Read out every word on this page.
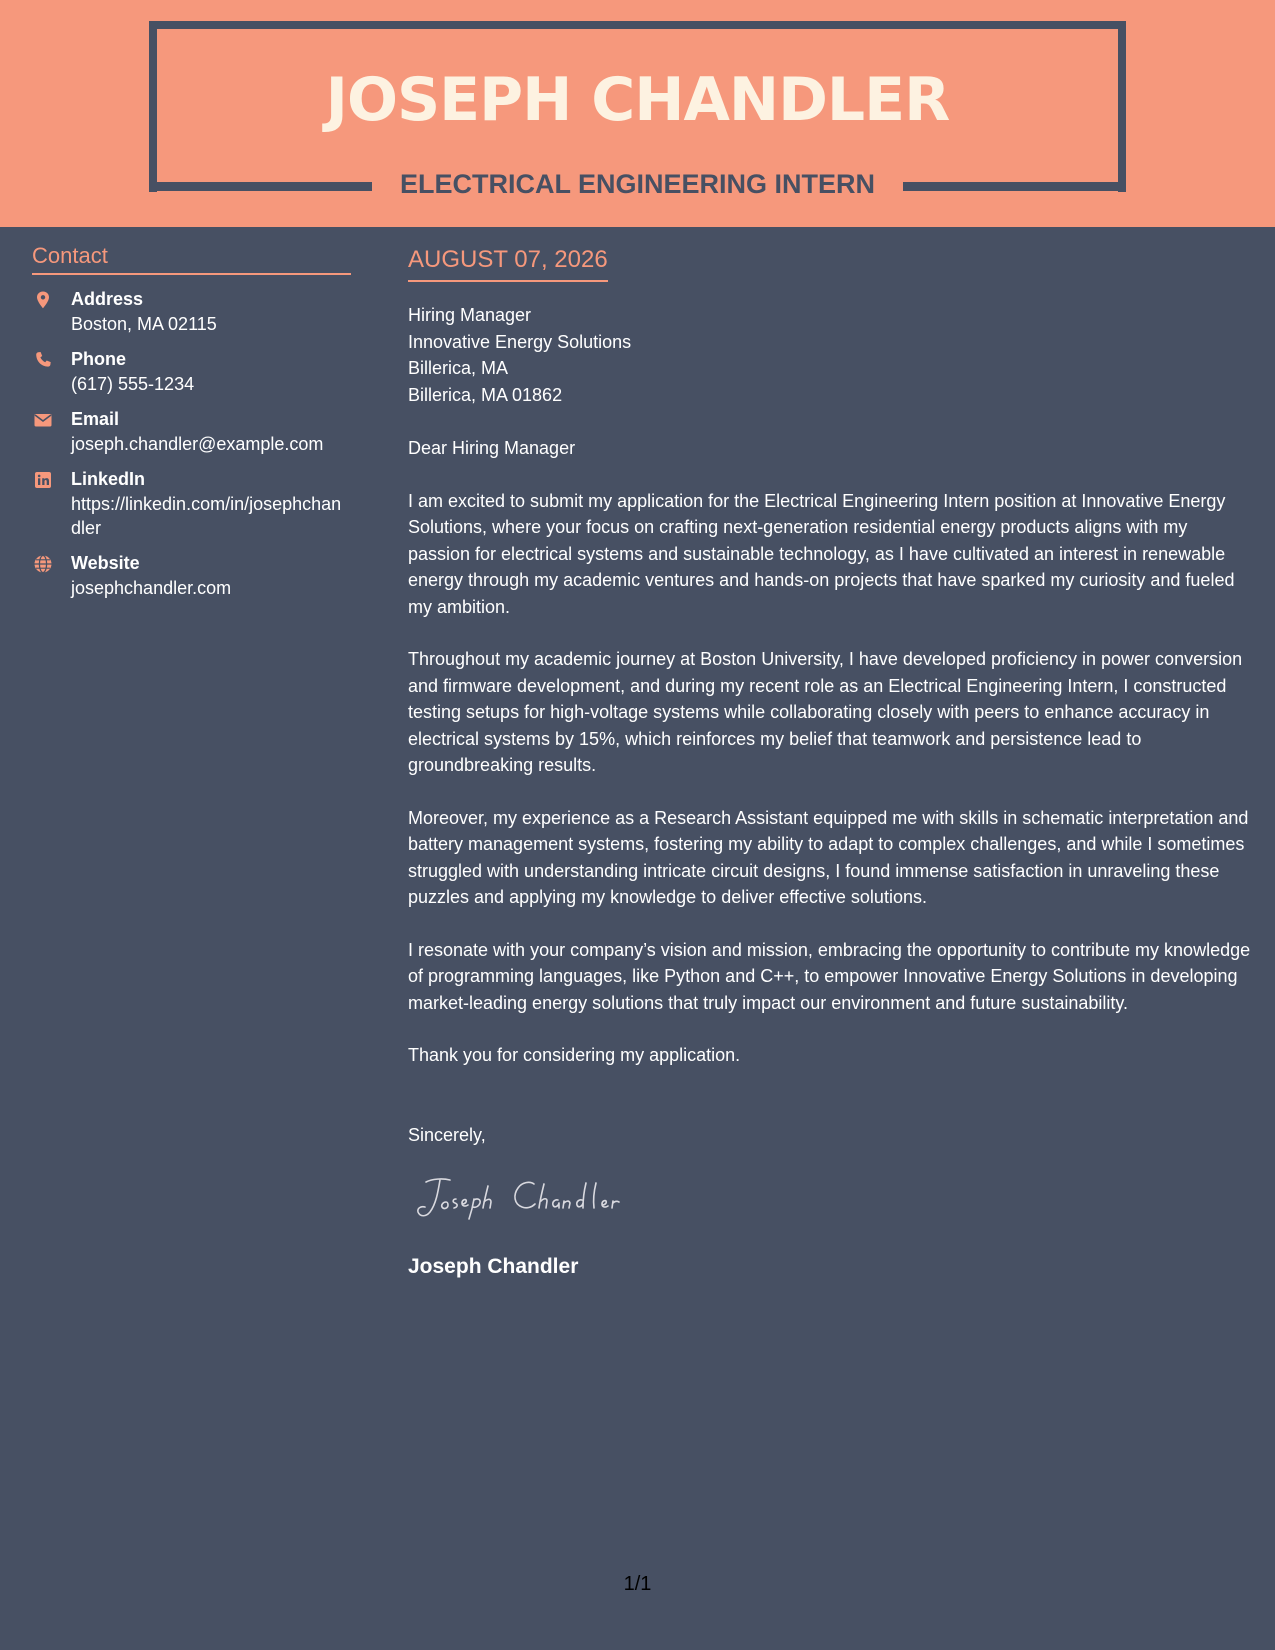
JOSEPH CHANDLER
ELECTRICAL ENGINEERING INTERN
Contact
Address
Boston, MA 02115
Phone
(617) 555-1234
Email
joseph.chandler@example.com
LinkedIn
https://linkedin.com/in/josephchandler
Website
josephchandler.com
AUGUST 07, 2026
Hiring Manager
Innovative Energy Solutions
Billerica, MA
Billerica, MA 01862
Dear Hiring Manager

I am excited to submit my application for the Electrical Engineering Intern position at Innovative Energy Solutions, where your focus on crafting next-generation residential energy products aligns with my passion for electrical systems and sustainable technology, as I have cultivated an interest in renewable energy through my academic ventures and hands-on projects that have sparked my curiosity and fueled my ambition.

Throughout my academic journey at Boston University, I have developed proficiency in power conversion and firmware development, and during my recent role as an Electrical Engineering Intern, I constructed testing setups for high-voltage systems while collaborating closely with peers to enhance accuracy in electrical systems by 15%, which reinforces my belief that teamwork and persistence lead to groundbreaking results.

Moreover, my experience as a Research Assistant equipped me with skills in schematic interpretation and battery management systems, fostering my ability to adapt to complex challenges, and while I sometimes struggled with understanding intricate circuit designs, I found immense satisfaction in unraveling these puzzles and applying my knowledge to deliver effective solutions.

I resonate with your company’s vision and mission, embracing the opportunity to contribute my knowledge of programming languages, like Python and C++, to empower Innovative Energy Solutions in developing market-leading energy solutions that truly impact our environment and future sustainability.

Thank you for considering my application.
Sincerely,
Joseph Chandler
1/1
